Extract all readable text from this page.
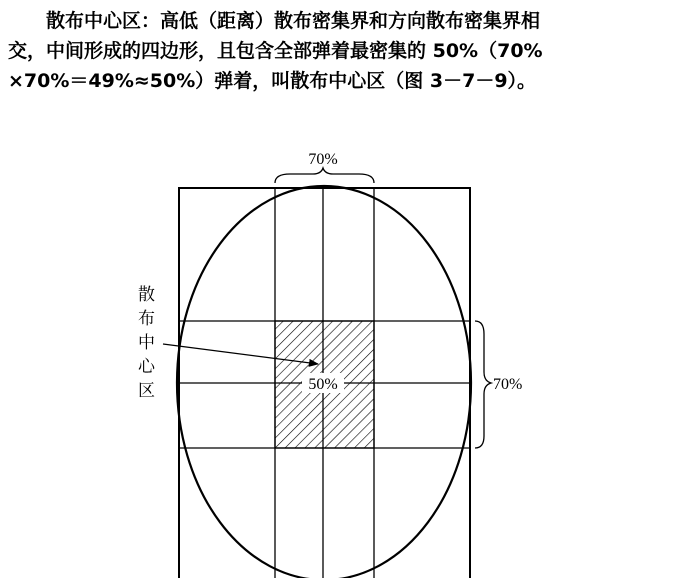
散布中心区：高低（距离）散布密集界和方向散布密集界相
交，中间形成的四边形，且包含全部弹着最密集的 50%（70%
×70%＝49%≈50%）弹着，叫散布中心区（图 3－7－9）。
70%
70%
50%
散
布
中
心
区
